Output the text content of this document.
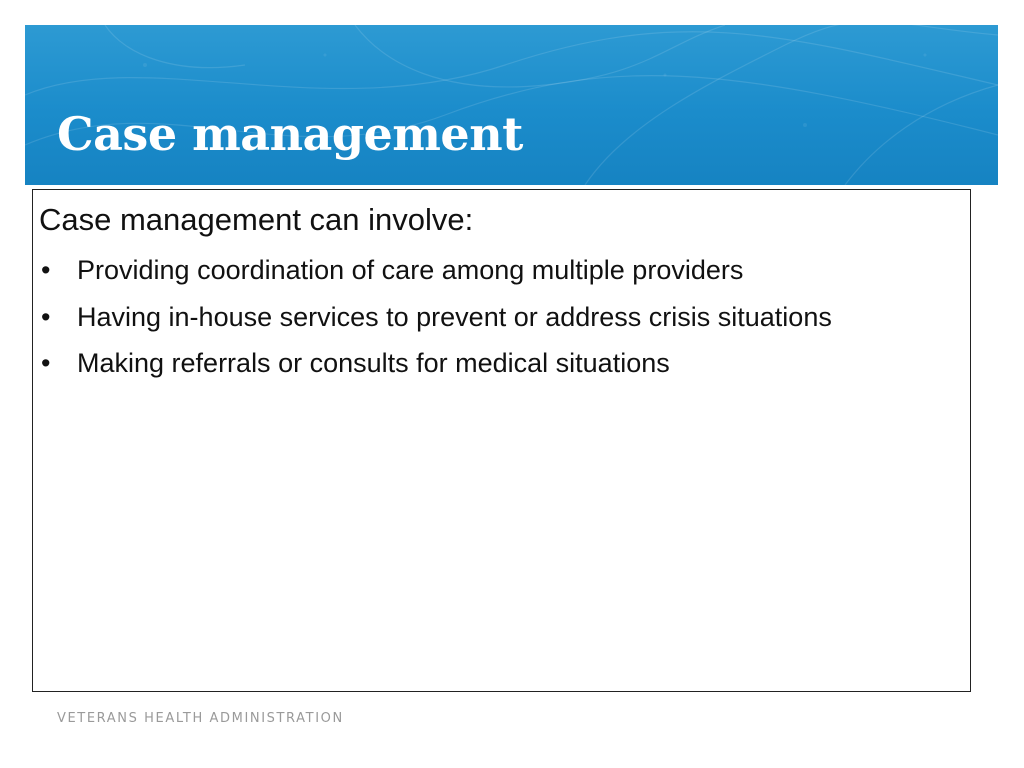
Case management

Case management can involve:

• Providing coordination of care among multiple providers
• Having in-house services to prevent or address crisis situations
• Making referrals or consults for medical situations

VETERANS HEALTH ADMINISTRATION
